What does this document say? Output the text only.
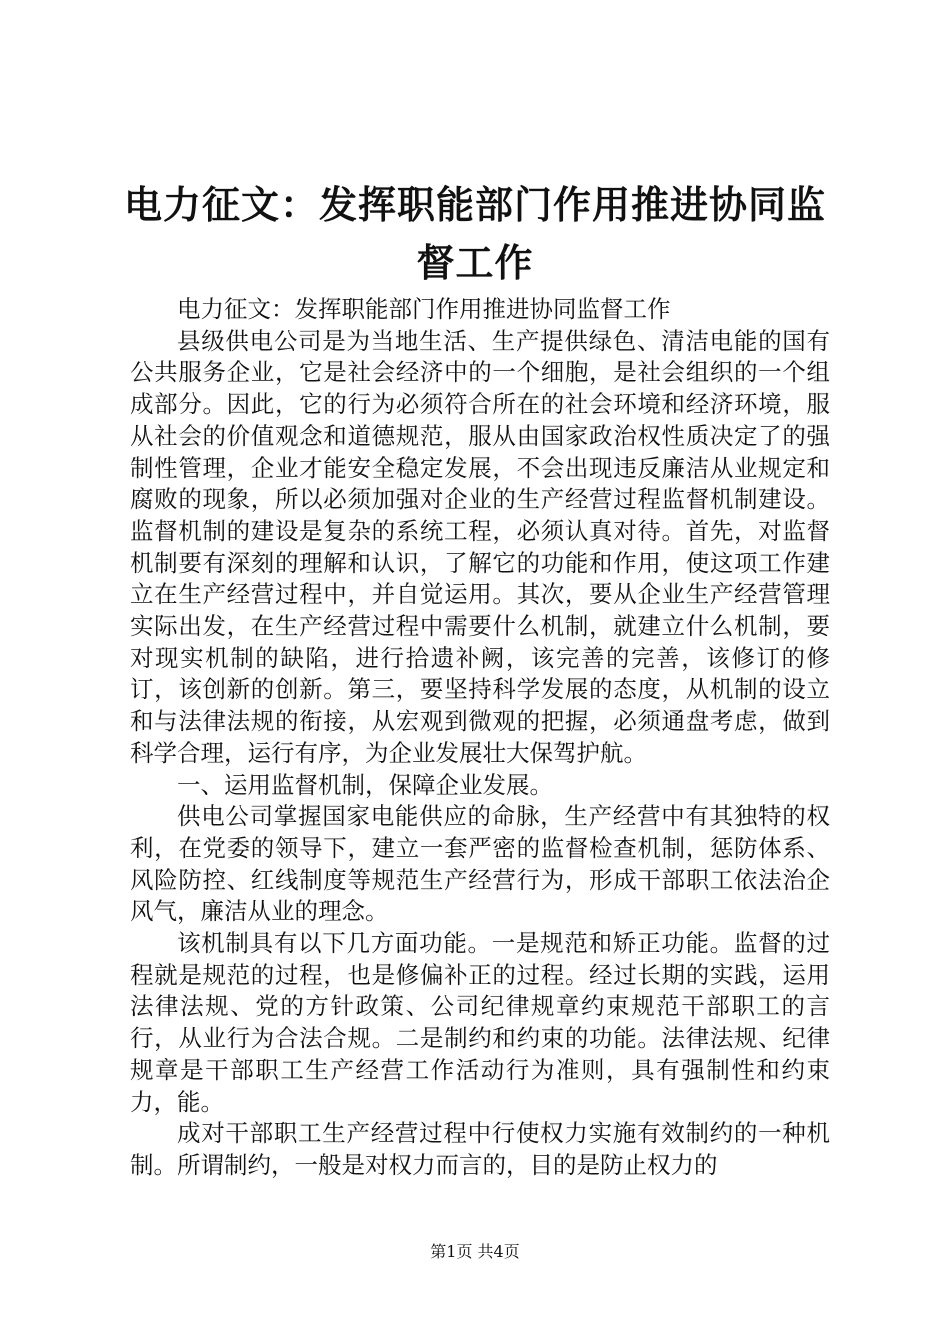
电力征文：发挥职能部门作用推进协同监督工作

电力征文：发挥职能部门作用推进协同监督工作

县级供电公司是为当地生活、生产提供绿色、清洁电能的国有公共服务企业，它是社会经济中的一个细胞，是社会组织的一个组成部分。因此，它的行为必须符合所在的社会环境和经济环境，服从社会的价值观念和道德规范，服从由国家政治权性质决定了的强制性管理，企业才能安全稳定发展，不会出现违反廉洁从业规定和腐败的现象，所以必须加强对企业的生产经营过程监督机制建设。监督机制的建设是复杂的系统工程，必须认真对待。首先，对监督机制要有深刻的理解和认识，了解它的功能和作用，使这项工作建立在生产经营过程中，并自觉运用。其次，要从企业生产经营管理实际出发，在生产经营过程中需要什么机制，就建立什么机制，要对现实机制的缺陷，进行拾遗补阙，该完善的完善，该修订的修订，该创新的创新。第三，要坚持科学发展的态度，从机制的设立和与法律法规的衔接，从宏观到微观的把握，必须通盘考虑，做到科学合理，运行有序，为企业发展壮大保驾护航。

一、运用监督机制，保障企业发展。

供电公司掌握国家电能供应的命脉，生产经营中有其独特的权利，在党委的领导下，建立一套严密的监督检查机制，惩防体系、风险防控、红线制度等规范生产经营行为，形成干部职工依法治企风气，廉洁从业的理念。

该机制具有以下几方面功能。一是规范和矫正功能。监督的过程就是规范的过程，也是修偏补正的过程。经过长期的实践，运用法律法规、党的方针政策、公司纪律规章约束规范干部职工的言行，从业行为合法合规。二是制约和约束的功能。法律法规、纪律规章是干部职工生产经营工作活动行为准则，具有强制性和约束力，能。

成对干部职工生产经营过程中行使权力实施有效制约的一种机制。所谓制约，一般是对权力而言的，目的是防止权力的

第1页 共4页
